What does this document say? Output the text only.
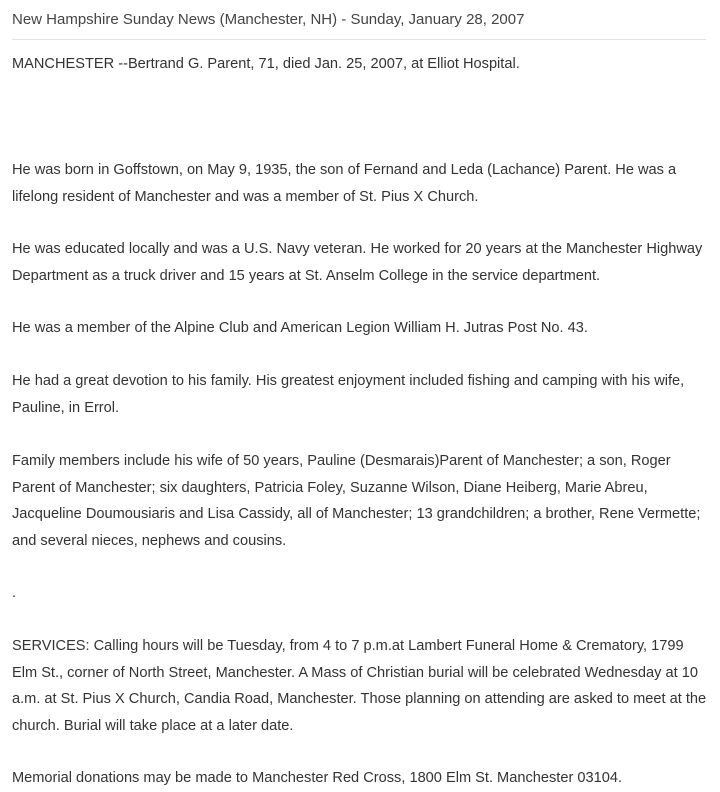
New Hampshire Sunday News (Manchester, NH) - Sunday, January 28, 2007

MANCHESTER --Bertrand G. Parent, 71, died Jan. 25, 2007, at Elliot Hospital.

He was born in Goffstown, on May 9, 1935, the son of Fernand and Leda (Lachance) Parent. He was a lifelong resident of Manchester and was a member of St. Pius X Church.

He was educated locally and was a U.S. Navy veteran. He worked for 20 years at the Manchester Highway Department as a truck driver and 15 years at St. Anselm College in the service department.

He was a member of the Alpine Club and American Legion William H. Jutras Post No. 43.

He had a great devotion to his family. His greatest enjoyment included fishing and camping with his wife, Pauline, in Errol.

Family members include his wife of 50 years, Pauline (Desmarais)Parent of Manchester; a son, Roger Parent of Manchester; six daughters, Patricia Foley, Suzanne Wilson, Diane Heiberg, Marie Abreu, Jacqueline Doumousiaris and Lisa Cassidy, all of Manchester; 13 grandchildren; a brother, Rene Vermette; and several nieces, nephews and cousins.

.

SERVICES: Calling hours will be Tuesday, from 4 to 7 p.m.at Lambert Funeral Home & Crematory, 1799 Elm St., corner of North Street, Manchester. A Mass of Christian burial will be celebrated Wednesday at 10 a.m. at St. Pius X Church, Candia Road, Manchester. Those planning on attending are asked to meet at the church. Burial will take place at a later date.

Memorial donations may be made to Manchester Red Cross, 1800 Elm St. Manchester 03104.
